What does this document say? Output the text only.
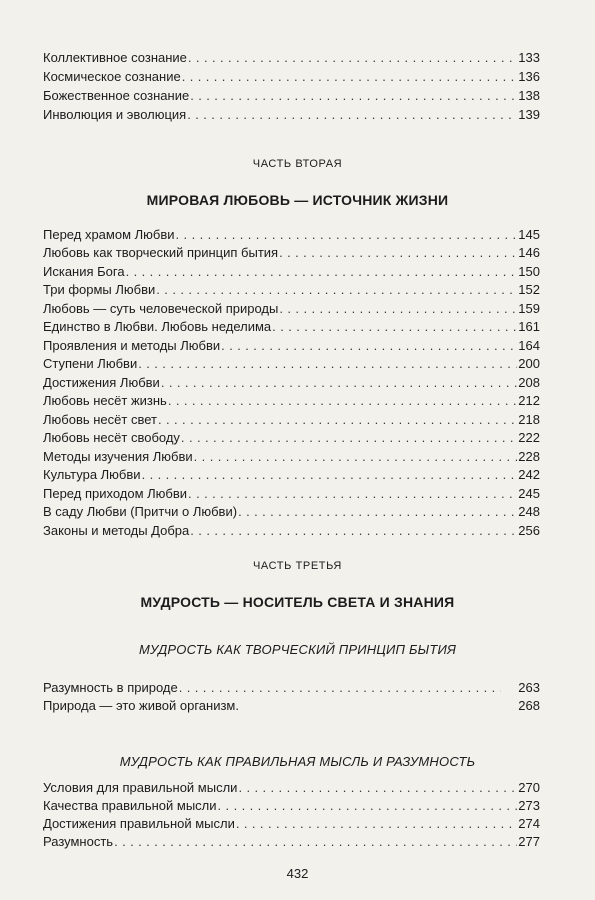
Коллективное сознание . . .	133
Космическое сознание . . .	136
Божественное сознание . . .	138
Инволюция и эволюция . . .	139
ЧАСТЬ ВТОРАЯ
МИРОВАЯ ЛЮБОВЬ — ИСТОЧНИК ЖИЗНИ
Перед храмом Любви . . .	145
Любовь как творческий принцип бытия . . .	146
Искания Бога . . .	150
Три формы Любви . . .	152
Любовь — суть человеческой природы . . .	159
Единство в Любви. Любовь неделима . . .	161
Проявления и методы Любви . . .	164
Ступени Любви . . .	200
Достижения Любви . . .	208
Любовь несёт жизнь . . .	212
Любовь несёт свет . . .	218
Любовь несёт свободу . . .	222
Методы изучения Любви . . .	228
Культура Любви . . .	242
Перед приходом Любви . . .	245
В саду Любви (Притчи о Любви) . . .	248
Законы и методы Добра . . .	256
ЧАСТЬ ТРЕТЬЯ
МУДРОСТЬ — НОСИТЕЛЬ СВЕТА И ЗНАНИЯ
МУДРОСТЬ КАК ТВОРЧЕСКИЙ ПРИНЦИП БЫТИЯ
Разумность в природе . . .	263
Природа — это живой организм.	268
МУДРОСТЬ КАК ПРАВИЛЬНАЯ МЫСЛЬ И РАЗУМНОСТЬ
Условия для правильной мысли . . .	270
Качества правильной мысли . . .	273
Достижения правильной мысли . . .	274
Разумность . . .	277
432
